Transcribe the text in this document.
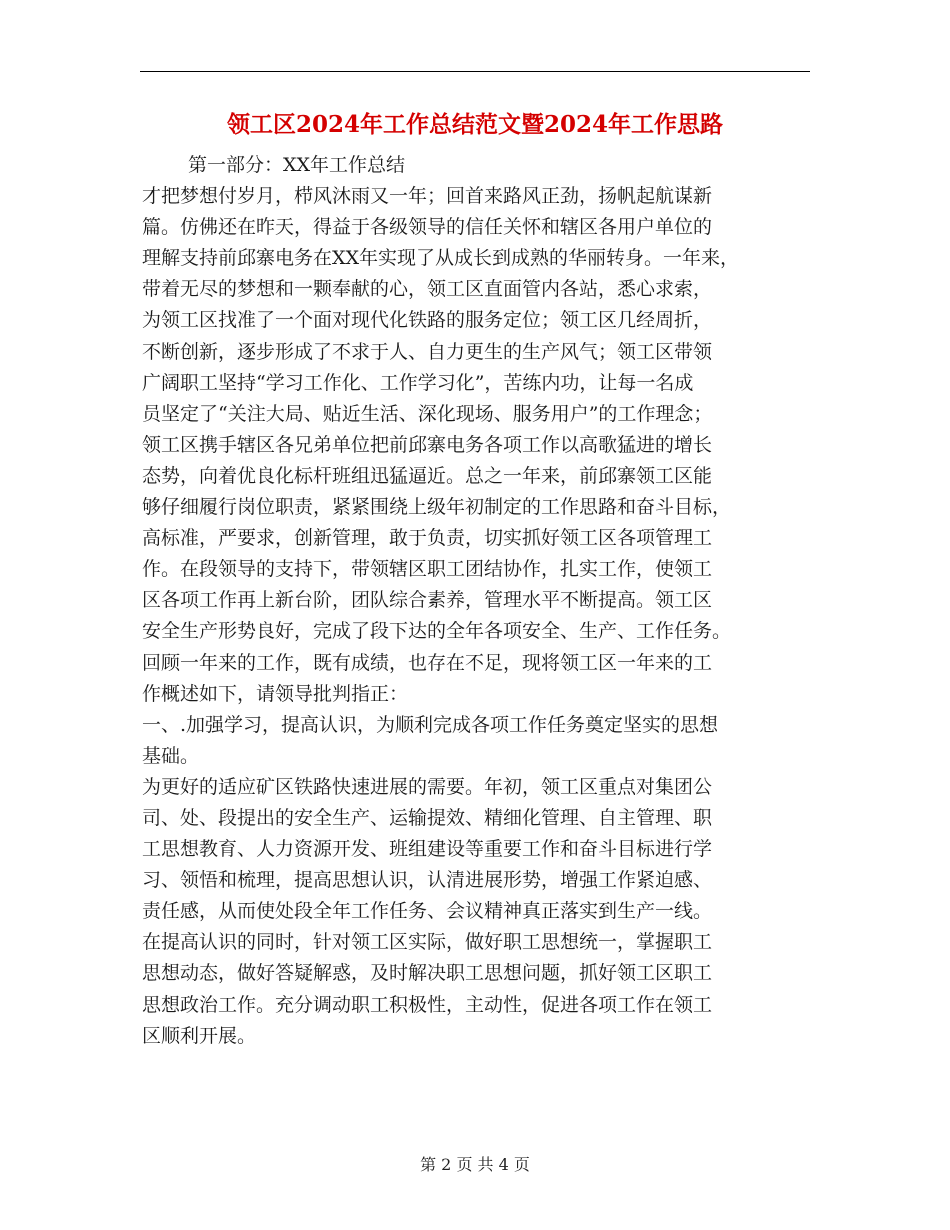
领工区2024年工作总结范文暨2024年工作思路
第一部分：XX年工作总结
才把梦想付岁月，栉风沐雨又一年；回首来路风正劲，扬帆起航谋新
篇。仿佛还在昨天，得益于各级领导的信任关怀和辖区各用户单位的
理解支持前邱寨电务在XX年实现了从成长到成熟的华丽转身。一年来，
带着无尽的梦想和一颗奉献的心，领工区直面管内各站，悉心求索，
为领工区找准了一个面对现代化铁路的服务定位；领工区几经周折，
不断创新，逐步形成了不求于人、自力更生的生产风气；领工区带领
广阔职工坚持“学习工作化、工作学习化”，苦练内功，让每一名成
员坚定了“关注大局、贴近生活、深化现场、服务用户”的工作理念；
领工区携手辖区各兄弟单位把前邱寨电务各项工作以高歌猛进的增长
态势，向着优良化标杆班组迅猛逼近。总之一年来，前邱寨领工区能
够仔细履行岗位职责，紧紧围绕上级年初制定的工作思路和奋斗目标，
高标准，严要求，创新管理，敢于负责，切实抓好领工区各项管理工
作。在段领导的支持下，带领辖区职工团结协作，扎实工作，使领工
区各项工作再上新台阶，团队综合素养，管理水平不断提高。领工区
安全生产形势良好，完成了段下达的全年各项安全、生产、工作任务。
回顾一年来的工作，既有成绩，也存在不足，现将领工区一年来的工
作概述如下，请领导批判指正：
一、.加强学习，提高认识，为顺利完成各项工作任务奠定坚实的思想
基础。
为更好的适应矿区铁路快速进展的需要。年初，领工区重点对集团公
司、处、段提出的安全生产、运输提效、精细化管理、自主管理、职
工思想教育、人力资源开发、班组建设等重要工作和奋斗目标进行学
习、领悟和梳理，提高思想认识，认清进展形势，增强工作紧迫感、
责任感，从而使处段全年工作任务、会议精神真正落实到生产一线。
在提高认识的同时，针对领工区实际，做好职工思想统一，掌握职工
思想动态，做好答疑解惑，及时解决职工思想问题，抓好领工区职工
思想政治工作。充分调动职工积极性，主动性，促进各项工作在领工
区顺利开展。
第 2 页 共 4 页
